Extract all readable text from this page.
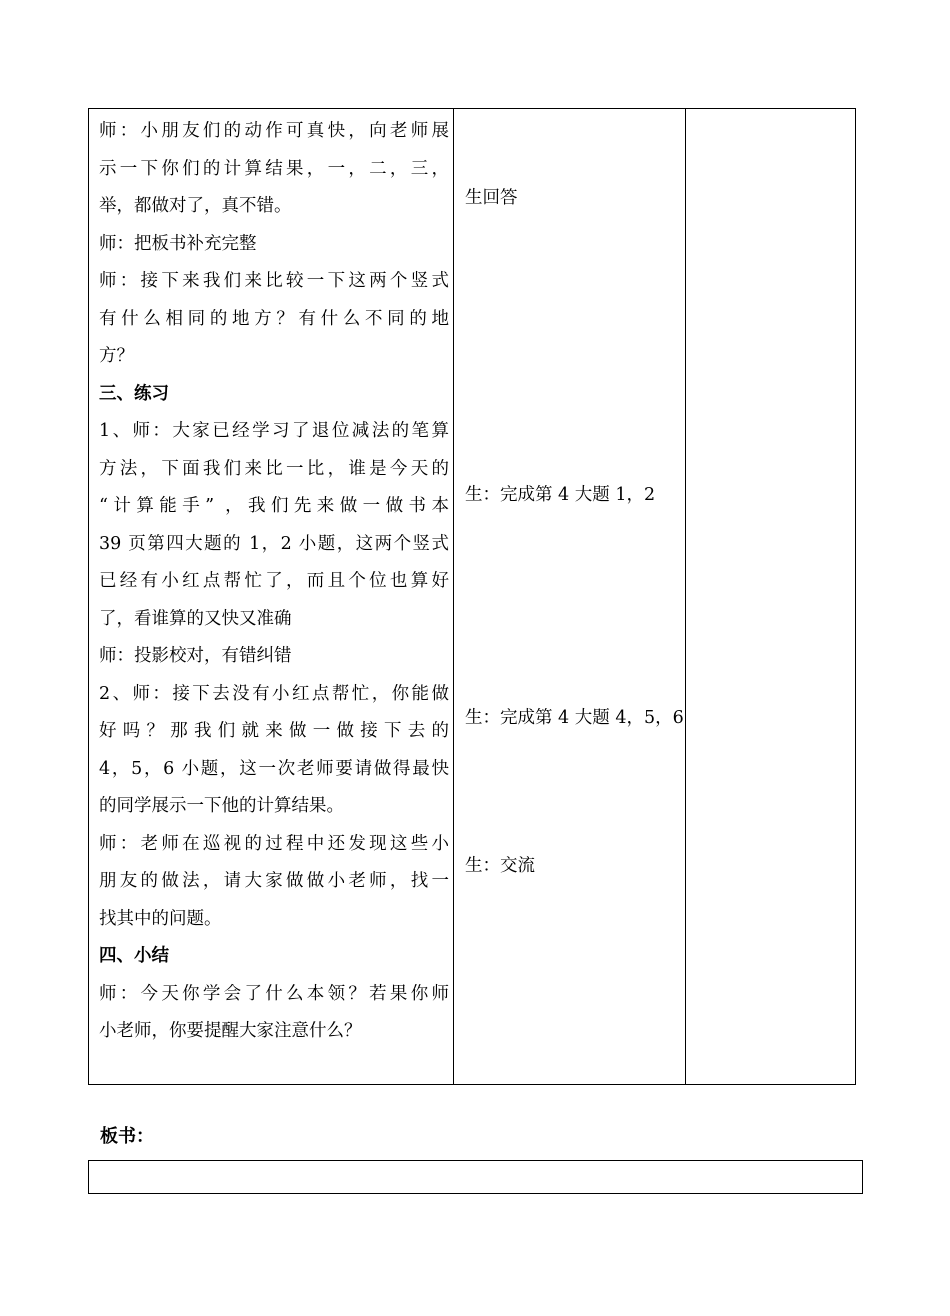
师：小朋友们的动作可真快，向老师展
示一下你们的计算结果，一，二，三，
举，都做对了，真不错。
师：把板书补充完整
师：接下来我们来比较一下这两个竖式
有什么相同的地方？有什么不同的地
方？
三、练习
1、师：大家已经学习了退位减法的笔算
方法，下面我们来比一比，谁是今天的
“计算能手” ，我们先来做一做书本
39 页第四大题的 1，2 小题，这两个竖式
已经有小红点帮忙了，而且个位也算好
了，看谁算的又快又准确
师：投影校对，有错纠错
2、师：接下去没有小红点帮忙，你能做
好吗？那我们就来做一做接下去的
4，5，6 小题，这一次老师要请做得最快
的同学展示一下他的计算结果。
师：老师在巡视的过程中还发现这些小
朋友的做法，请大家做做小老师，找一
找其中的问题。
四、小结
师：今天你学会了什么本领？若果你师
小老师，你要提醒大家注意什么？
生回答
生：完成第 4 大题 1，2
生：完成第 4 大题 4，5，6
生：交流
板书：
